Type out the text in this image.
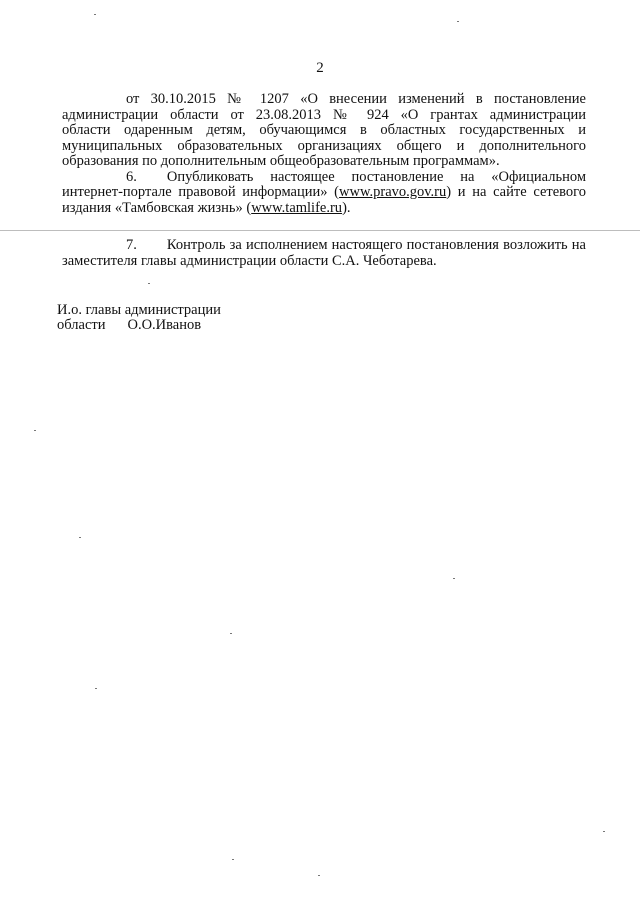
2

от 30.10.2015 № 1207 «О внесении изменений в постановление
администрации области от 23.08.2013 № 924 «О грантах администрации
области одаренным детям, обучающимся в областных государственных и
муниципальных образовательных организациях общего и дополнительного
образования по дополнительным общеобразовательным программам».

6. Опубликовать настоящее постановление на «Официальном интернет-портале правовой информации» (www.pravo.gov.ru) и на сайте сетевого издания «Тамбовская жизнь» (www.tamlife.ru).

7. Контроль за исполнением настоящего постановления возложить на заместителя главы администрации области С.А. Чеботарева.

И.о. главы администрации
области О.О.Иванов
